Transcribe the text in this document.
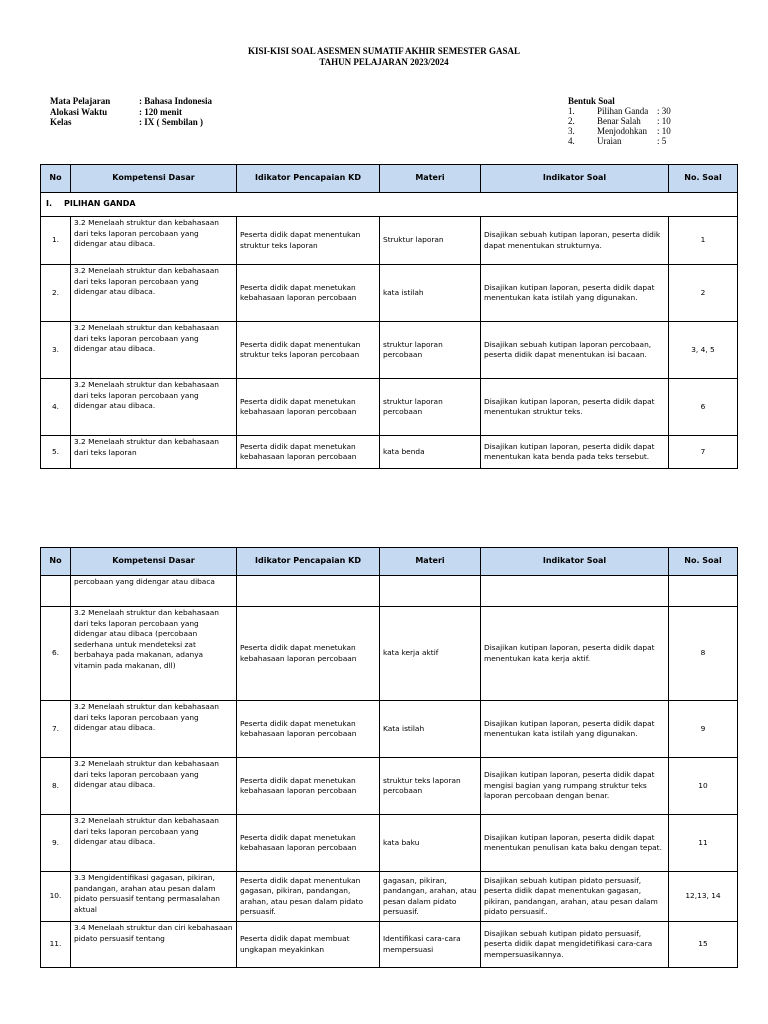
KISI-KISI SOAL ASESMEN SUMATIF AKHIR SEMESTER GASAL
TAHUN PELAJARAN 2023/2024
Mata Pelajaran	: Bahasa Indonesia
Alokasi Waktu	: 120 menit
Kelas	: IX ( Sembilan )
Bentuk Soal
1.	Pilihan Ganda : 30
2.	Benar Salah	: 10
3.	Menjodohkan	: 10
4.	Uraian	: 5
No	Kompetensi Dasar	Idikator Pencapaian KD	Materi	Indikator Soal	No. Soal
I. PILIHAN GANDA					
1.	3.2 Menelaah struktur dan kebahasaan dari teks laporan percobaan yang didengar atau dibaca.	Peserta didik dapat menentukan struktur teks laporan	Struktur laporan	Disajikan sebuah kutipan laporan, peserta didik dapat menentukan strukturnya.	1
2.	3.2 Menelaah struktur dan kebahasaan dari teks laporan percobaan yang didengar atau dibaca.	Peserta didik dapat menetukan kebahasaan laporan percobaan	kata istilah	Disajikan kutipan laporan, peserta didik dapat menentukan kata istilah yang digunakan.	2
3.	3.2 Menelaah struktur dan kebahasaan dari teks laporan percobaan yang didengar atau dibaca.	Peserta didik dapat menentukan struktur teks laporan percobaan	struktur laporan percobaan	Disajikan sebuah kutipan laporan percobaan, peserta didik dapat menentukan isi bacaan.	3, 4, 5
4.	3.2 Menelaah struktur dan kebahasaan dari teks laporan percobaan yang didengar atau dibaca.	Peserta didik dapat menetukan kebahasaan laporan percobaan	struktur laporan percobaan	Disajikan kutipan laporan, peserta didik dapat menentukan struktur teks.	6
5.	3.2 Menelaah struktur dan kebahasaan dari teks laporan	Peserta didik dapat menetukan kebahasaan laporan percobaan	kata benda	Disajikan kutipan laporan, peserta didik dapat menentukan kata benda pada teks tersebut.	7
No	Kompetensi Dasar	Idikator Pencapaian KD	Materi	Indikator Soal	No. Soal
	percobaan yang didengar atau dibaca				
6.	3.2 Menelaah struktur dan kebahasaan dari teks laporan percobaan yang didengar atau dibaca (percobaan sederhana untuk mendeteksi zat berbahaya pada makanan, adanya vitamin pada makanan, dll)	Peserta didik dapat menetukan kebahasaan laporan percobaan	kata kerja aktif	Disajikan kutipan laporan, peserta didik dapat menentukan kata kerja aktif.	8
7.	3.2 Menelaah struktur dan kebahasaan dari teks laporan percobaan yang didengar atau dibaca.	Peserta didik dapat menetukan kebahasaan laporan percobaan	Kata istilah	Disajikan kutipan laporan, peserta didik dapat menentukan kata istilah yang digunakan.	9
8.	3.2 Menelaah struktur dan kebahasaan dari teks laporan percobaan yang didengar atau dibaca.	Peserta didik dapat menetukan kebahasaan laporan percobaan	struktur teks laporan percobaan	Disajikan kutipan laporan, peserta didik dapat mengisi bagian yang rumpang struktur teks laporan percobaan dengan benar.	10
9.	3.2 Menelaah struktur dan kebahasaan dari teks laporan percobaan yang didengar atau dibaca.	Peserta didik dapat menetukan kebahasaan laporan percobaan	kata baku	Disajikan kutipan laporan, peserta didik dapat menentukan penulisan kata baku dengan tepat.	11
10.	3.3 Mengidentifikasi gagasan, pikiran, pandangan, arahan atau pesan dalam pidato persuasif tentang permasalahan aktual	Peserta didik dapat menentukan gagasan, pikiran, pandangan, arahan, atau pesan dalam pidato persuasif.	gagasan, pikiran, pandangan, arahan, atau pesan dalam pidato persuasif.	Disajikan sebuah kutipan pidato persuasif, peserta didik dapat menentukan gagasan, pikiran, pandangan, arahan, atau pesan dalam pidato persuasif..	12,13, 14
11.	3.4 Menelaah struktur dan ciri kebahasaan pidato persuasif tentang	Peserta didik dapat membuat ungkapan meyakinkan	Identifikasi cara-cara mempersuasi	Disajikan sebuah kutipan pidato persuasif, peserta didik dapat mengidetifikasi cara-cara mempersuasikannya.	15
